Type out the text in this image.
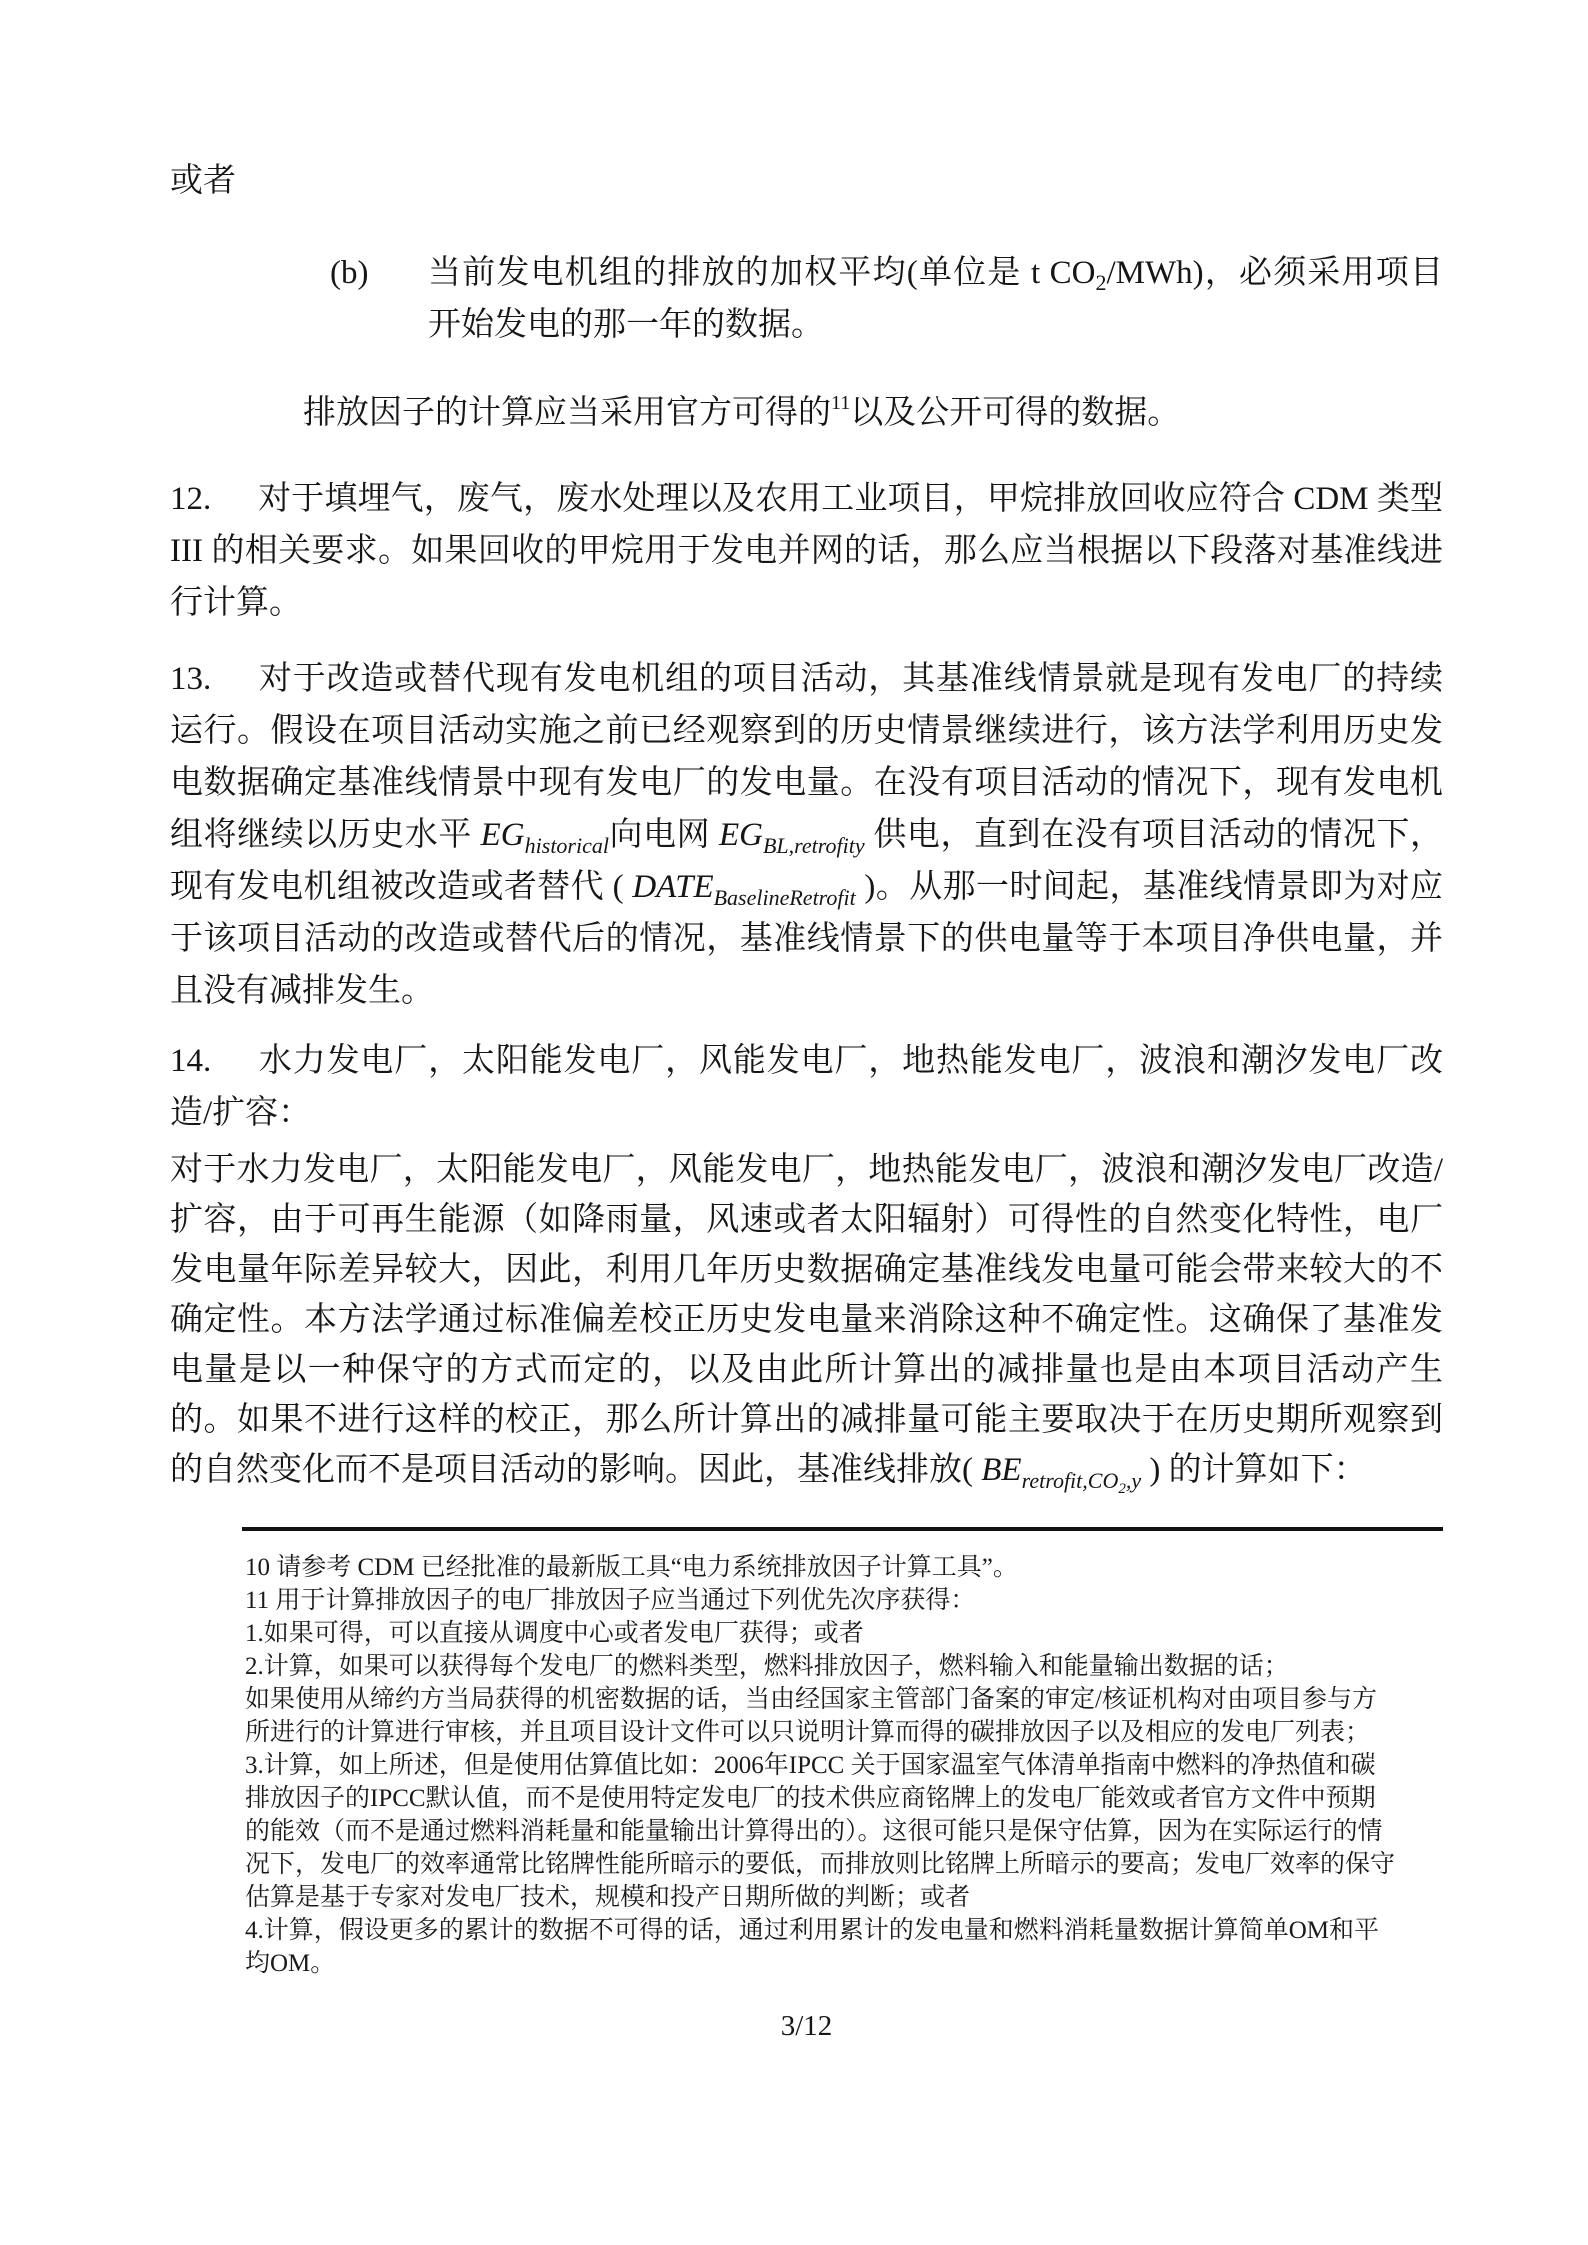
或者

(b)	当前发电机组的排放的加权平均(单位是 t $CO_2/MWh$)，必须采用项目开始发电的那一年的数据。

排放因子的计算应当采用官方可得的$^{11}$以及公开可得的数据。

12. 对于填埋气，废气，废水处理以及农用工业项目，甲烷排放回收应符合 CDM 类型 III 的相关要求。如果回收的甲烷用于发电并网的话，那么应当根据以下段落对基准线进行计算。

13. 对于改造或替代现有发电机组的项目活动，其基准线情景就是现有发电厂的持续运行。假设在项目活动实施之前已经观察到的历史情景继续进行，该方法学利用历史发电数据确定基准线情景中现有发电厂的发电量。在没有项目活动的情况下，现有发电机组将继续以历史水平 $EG_{historical}$向电网 $EG_{BL,retrofity}$ 供电，直到在没有项目活动的情况下，现有发电机组被改造或者替代 ( $DATE_{BaselineRetrofit}$ )。从那一时间起，基准线情景即为对应于该项目活动的改造或替代后的情况，基准线情景下的供电量等于本项目净供电量，并且没有减排发生。

14. 水力发电厂，太阳能发电厂，风能发电厂，地热能发电厂，波浪和潮汐发电厂改造/扩容：

对于水力发电厂，太阳能发电厂，风能发电厂，地热能发电厂，波浪和潮汐发电厂改造/扩容，由于可再生能源（如降雨量，风速或者太阳辐射）可得性的自然变化特性，电厂发电量年际差异较大，因此，利用几年历史数据确定基准线发电量可能会带来较大的不确定性。本方法学通过标准偏差校正历史发电量来消除这种不确定性。这确保了基准发电量是以一种保守的方式而定的，以及由此所计算出的减排量也是由本项目活动产生的。如果不进行这样的校正，那么所计算出的减排量可能主要取决于在历史期所观察到的自然变化而不是项目活动的影响。因此，基准线排放( $BE_{retrofit,CO_2,y}$ ) 的计算如下：

10 请参考 CDM 已经批准的最新版工具“电力系统排放因子计算工具”。
11 用于计算排放因子的电厂排放因子应当通过下列优先次序获得：
1.如果可得，可以直接从调度中心或者发电厂获得；或者
2.计算，如果可以获得每个发电厂的燃料类型，燃料排放因子，燃料输入和能量输出数据的话；
如果使用从缔约方当局获得的机密数据的话，当由经国家主管部门备案的审定/核证机构对由项目参与方
所进行的计算进行审核，并且项目设计文件可以只说明计算而得的碳排放因子以及相应的发电厂列表；
3.计算，如上所述，但是使用估算值比如：2006年IPCC 关于国家温室气体清单指南中燃料的净热值和碳
排放因子的IPCC默认值，而不是使用特定发电厂的技术供应商铭牌上的发电厂能效或者官方文件中预期
的能效（而不是通过燃料消耗量和能量输出计算得出的）。这很可能只是保守估算，因为在实际运行的情
况下，发电厂的效率通常比铭牌性能所暗示的要低，而排放则比铭牌上所暗示的要高；发电厂效率的保守
估算是基于专家对发电厂技术，规模和投产日期所做的判断；或者
4.计算，假设更多的累计的数据不可得的话，通过利用累计的发电量和燃料消耗量数据计算简单OM和平
均OM。
3/12
